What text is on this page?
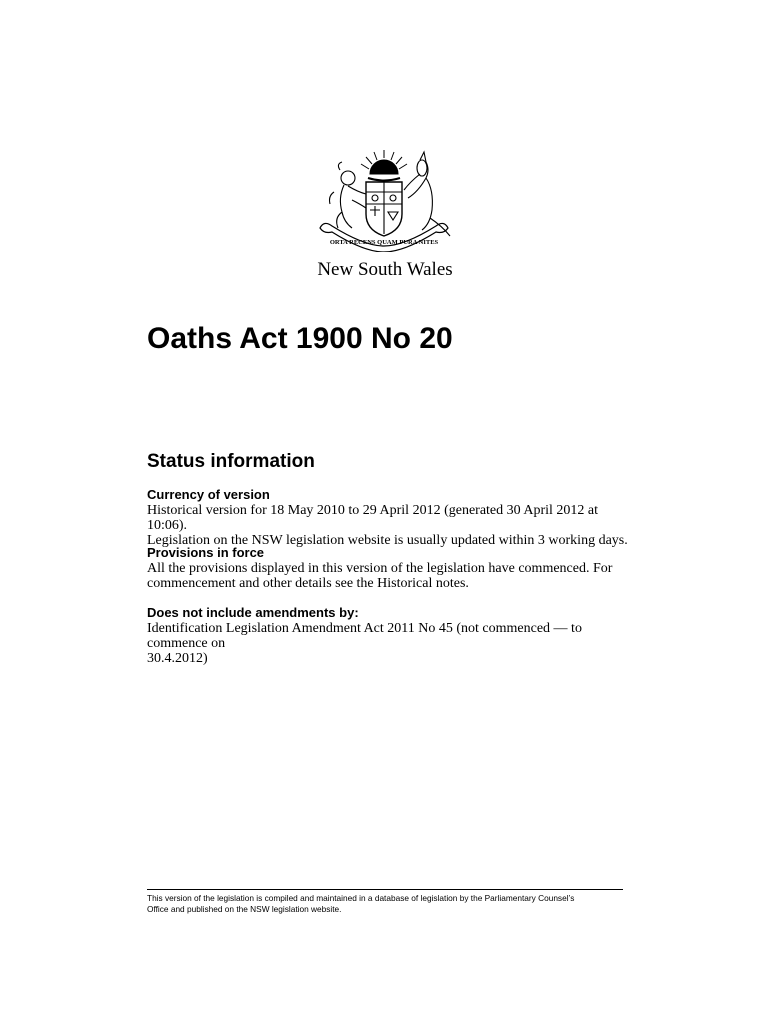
ORTA RECENS QUAM PURA NITES
New South Wales
Oaths Act 1900 No 20
Status information
Currency of version

Historical version for 18 May 2010 to 29 April 2012 (generated 30 April 2012 at 10:06).

Legislation on the NSW legislation website is usually updated within 3 working days.

Provisions in force

All the provisions displayed in this version of the legislation have commenced. For

commencement and other details see the Historical notes.

Does not include amendments by:

Identification Legislation Amendment Act 2011 No 45 (not commenced — to commence on

30.4.2012)

This version of the legislation is compiled and maintained in a database of legislation by the Parliamentary Counsel’s
Office and published on the NSW legislation website.
